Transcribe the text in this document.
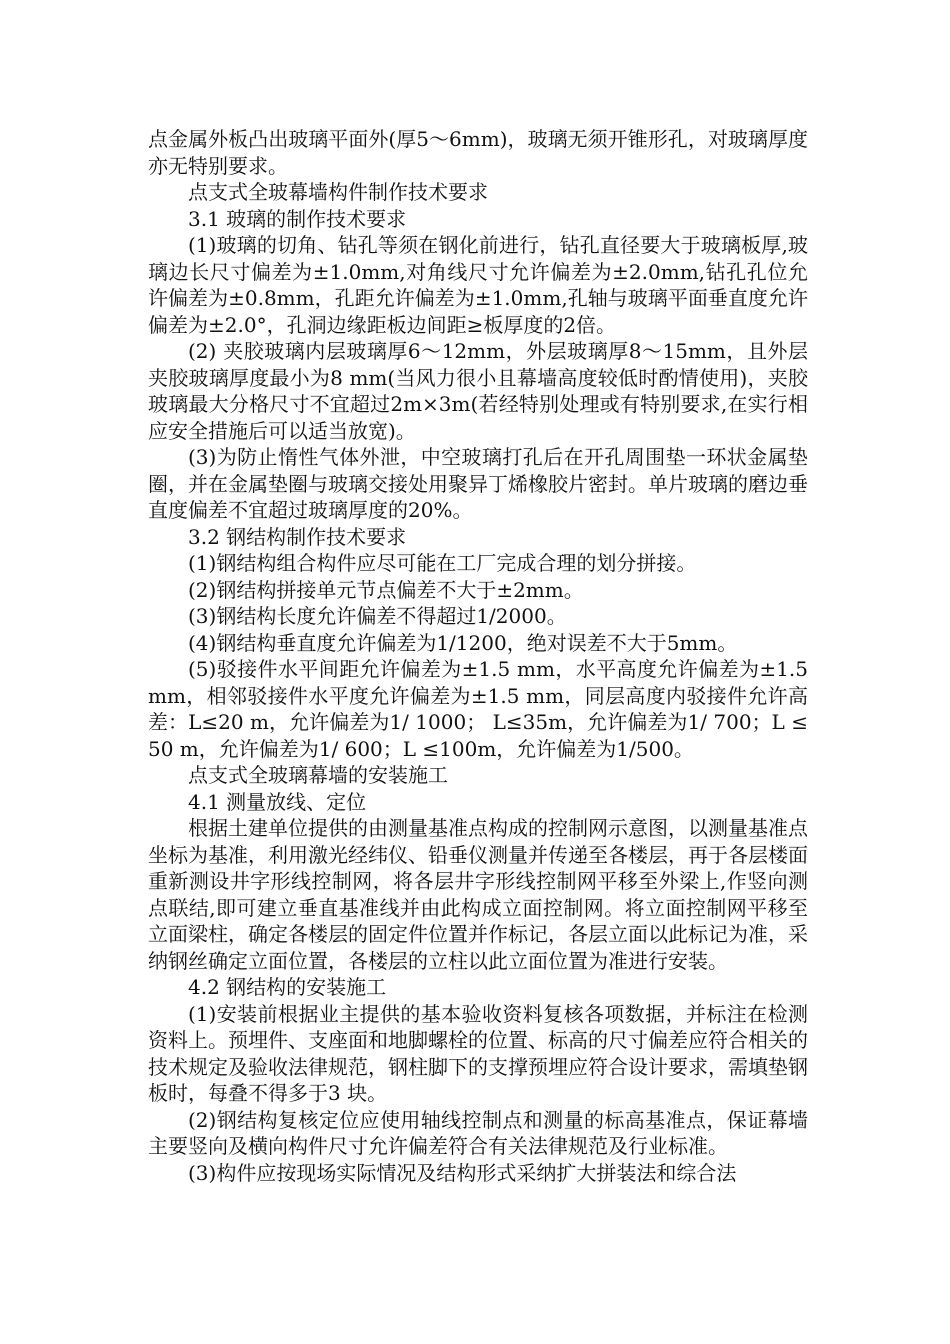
点金属外板凸出玻璃平面外(厚5～6mm)，玻璃无须开锥形孔，对玻璃厚度亦无特别要求。

点支式全玻幕墙构件制作技术要求

3.1 玻璃的制作技术要求

(1)玻璃的切角、钻孔等须在钢化前进行，钻孔直径要大于玻璃板厚,玻璃边长尺寸偏差为±1.0mm,对角线尺寸允许偏差为±2.0mm,钻孔孔位允许偏差为±0.8mm，孔距允许偏差为±1.0mm,孔轴与玻璃平面垂直度允许偏差为±2.0°，孔洞边缘距板边间距≥板厚度的2倍。

(2) 夹胶玻璃内层玻璃厚6～12mm，外层玻璃厚8～15mm，且外层夹胶玻璃厚度最小为8 mm(当风力很小且幕墙高度较低时酌情使用)，夹胶玻璃最大分格尺寸不宜超过2m×3m(若经特别处理或有特别要求,在实行相应安全措施后可以适当放宽)。

(3)为防止惰性气体外泄，中空玻璃打孔后在开孔周围垫一环状金属垫圈，并在金属垫圈与玻璃交接处用聚异丁烯橡胶片密封。单片玻璃的磨边垂直度偏差不宜超过玻璃厚度的20%。

3.2 钢结构制作技术要求

(1)钢结构组合构件应尽可能在工厂完成合理的划分拼接。

(2)钢结构拼接单元节点偏差不大于±2mm。

(3)钢结构长度允许偏差不得超过1/2000。

(4)钢结构垂直度允许偏差为1/1200，绝对误差不大于5mm。

(5)驳接件水平间距允许偏差为±1.5 mm，水平高度允许偏差为±1.5mm，相邻驳接件水平度允许偏差为±1.5 mm，同层高度内驳接件允许高差：L≤20 m，允许偏差为1/ 1000； L≤35m，允许偏差为1/ 700；L ≤50 m，允许偏差为1/ 600；L ≤100m，允许偏差为1/500。

点支式全玻璃幕墙的安装施工

4.1 测量放线、定位

根据土建单位提供的由测量基准点构成的控制网示意图，以测量基准点坐标为基准，利用激光经纬仪、铅垂仪测量并传递至各楼层，再于各层楼面重新测设井字形线控制网，将各层井字形线控制网平移至外梁上,作竖向测点联结,即可建立垂直基准线并由此构成立面控制网。将立面控制网平移至立面梁柱，确定各楼层的固定件位置并作标记，各层立面以此标记为准，采纳钢丝确定立面位置，各楼层的立柱以此立面位置为准进行安装。

4.2 钢结构的安装施工

(1)安装前根据业主提供的基本验收资料复核各项数据，并标注在检测资料上。预埋件、支座面和地脚螺栓的位置、标高的尺寸偏差应符合相关的技术规定及验收法律规范，钢柱脚下的支撑预埋应符合设计要求，需填垫钢板时，每叠不得多于3 块。

(2)钢结构复核定位应使用轴线控制点和测量的标高基准点，保证幕墙主要竖向及横向构件尺寸允许偏差符合有关法律规范及行业标准。

(3)构件应按现场实际情况及结构形式采纳扩大拼装法和综合法
